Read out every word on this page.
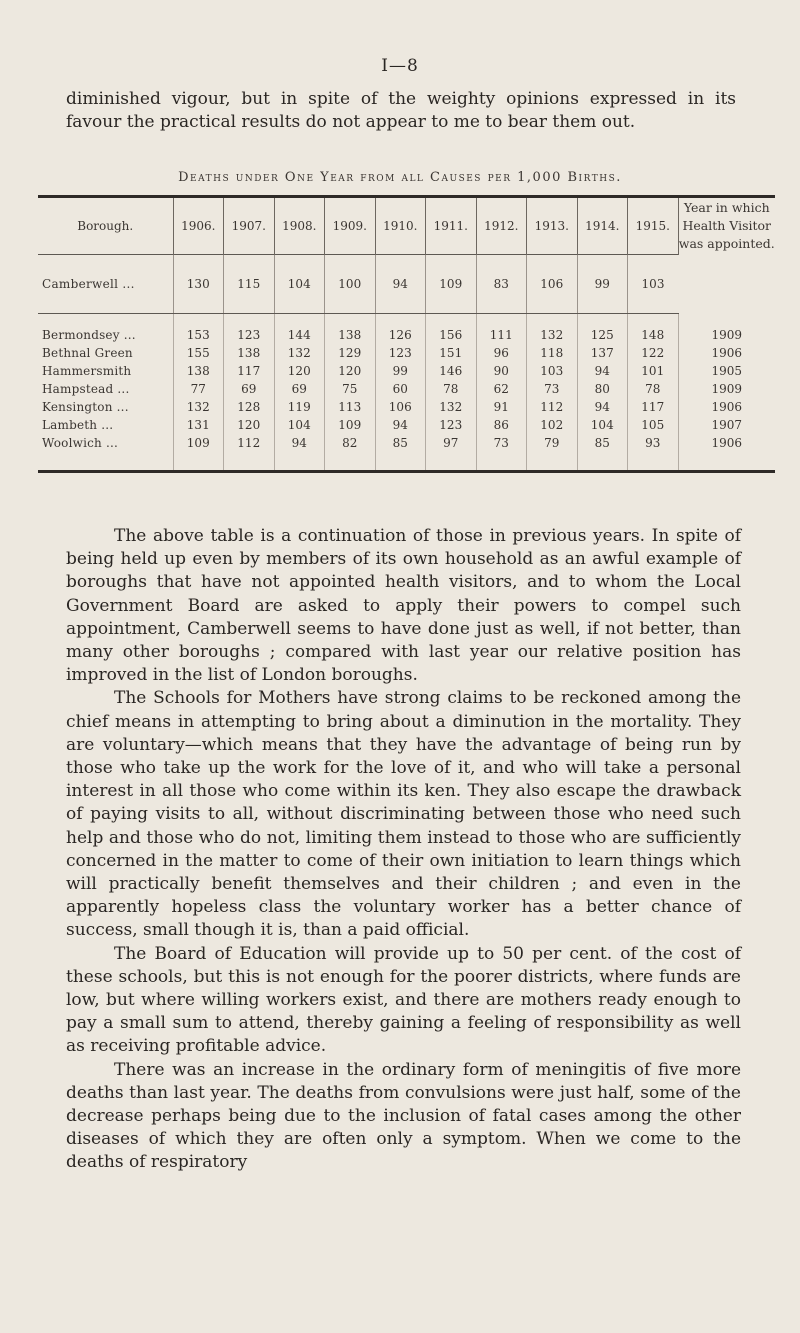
I—8
diminished vigour, but in spite of the weighty opinions expressed in its favour the practical results do not appear to me to bear them out.
Deaths under One Year from all Causes per 1,000 Births.
Borough.	1906.	1907.	1908.	1909.	1910.	1911.	1912.	1913.	1914.	1915.	Year in which Health Visitor was appointed.
Camberwell ...	130	115	104	100	94	109	83	106	99	103	
Bermondsey ...	153	123	144	138	126	156	111	132	125	148	1909
Bethnal Green	155	138	132	129	123	151	96	118	137	122	1906
Hammersmith	138	117	120	120	99	146	90	103	94	101	1905
Hampstead ...	77	69	69	75	60	78	62	73	80	78	1909
Kensington ...	132	128	119	113	106	132	91	112	94	117	1906
Lambeth ...	131	120	104	109	94	123	86	102	104	105	1907
Woolwich ...	109	112	94	82	85	97	73	79	85	93	1906

The above table is a continuation of those in previous years. In spite of being held up even by members of its own household as an awful example of boroughs that have not appointed health visitors, and to whom the Local Government Board are asked to apply their powers to compel such appointment, Camberwell seems to have done just as well, if not better, than many other boroughs ; compared with last year our relative position has improved in the list of London boroughs.

The Schools for Mothers have strong claims to be reckoned among the chief means in attempting to bring about a diminution in the mortality. They are voluntary—which means that they have the advantage of being run by those who take up the work for the love of it, and who will take a personal interest in all those who come within its ken. They also escape the drawback of paying visits to all, without discriminating between those who need such help and those who do not, limiting them instead to those who are sufficiently concerned in the matter to come of their own initiation to learn things which will practically benefit themselves and their children ; and even in the apparently hopeless class the voluntary worker has a better chance of success, small though it is, than a paid official.

The Board of Education will provide up to 50 per cent. of the cost of these schools, but this is not enough for the poorer districts, where funds are low, but where willing workers exist, and there are mothers ready enough to pay a small sum to attend, thereby gaining a feeling of responsibility as well as receiving profitable advice.

There was an increase in the ordinary form of meningitis of five more deaths than last year. The deaths from convulsions were just half, some of the decrease perhaps being due to the inclusion of fatal cases among the other diseases of which they are often only a symptom. When we come to the deaths of respiratory
